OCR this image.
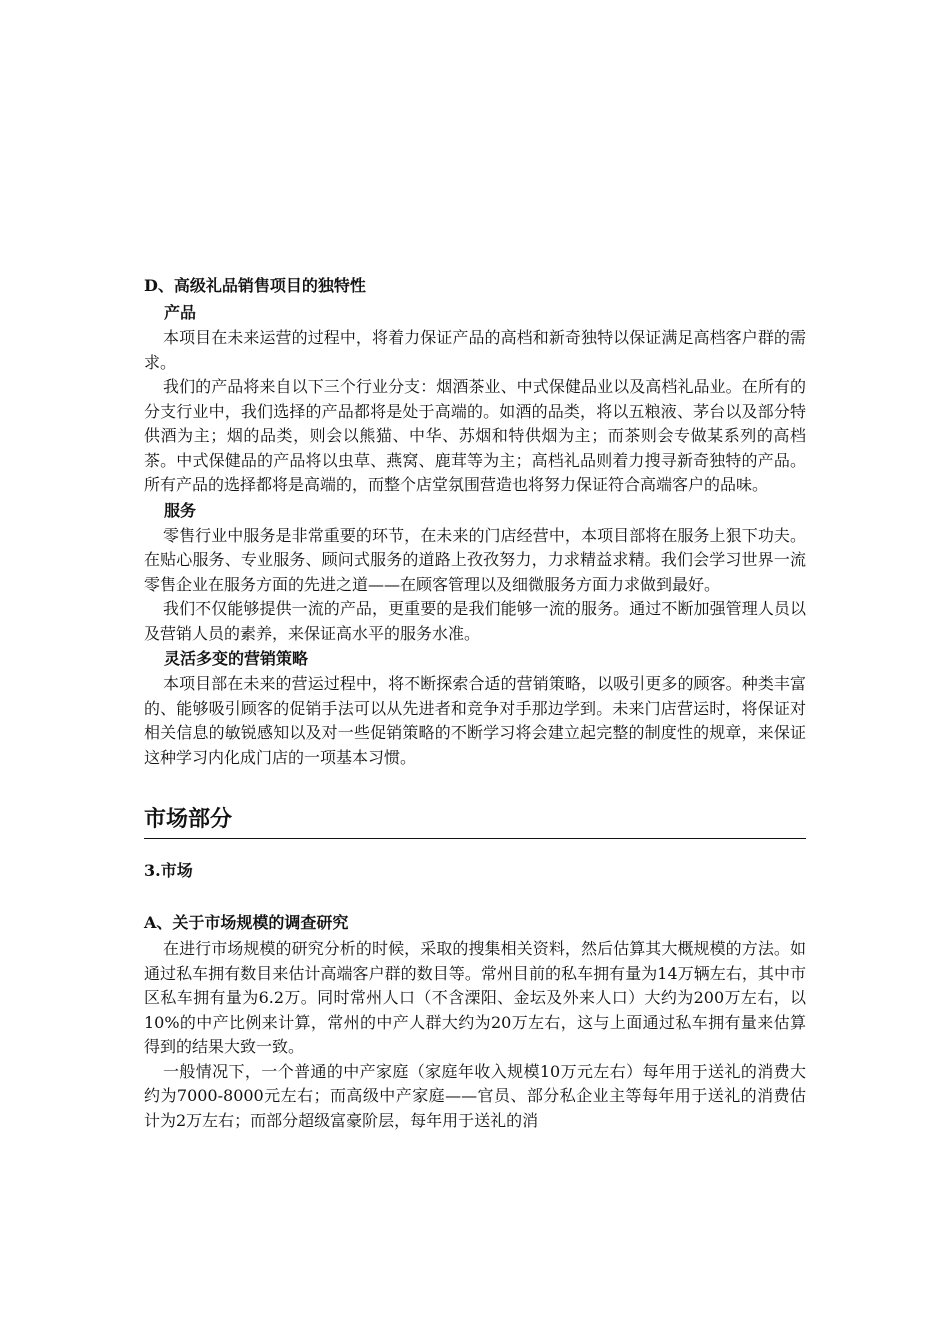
D、高级礼品销售项目的独特性

产品

本项目在未来运营的过程中，将着力保证产品的高档和新奇独特以保证满足高档客户群的需求。

我们的产品将来自以下三个行业分支：烟酒茶业、中式保健品业以及高档礼品业。在所有的分支行业中，我们选择的产品都将是处于高端的。如酒的品类，将以五粮液、茅台以及部分特供酒为主；烟的品类，则会以熊猫、中华、苏烟和特供烟为主；而茶则会专做某系列的高档茶。中式保健品的产品将以虫草、燕窝、鹿茸等为主；高档礼品则着力搜寻新奇独特的产品。所有产品的选择都将是高端的，而整个店堂氛围营造也将努力保证符合高端客户的品味。

服务

零售行业中服务是非常重要的环节，在未来的门店经营中，本项目部将在服务上狠下功夫。在贴心服务、专业服务、顾问式服务的道路上孜孜努力，力求精益求精。我们会学习世界一流零售企业在服务方面的先进之道——在顾客管理以及细微服务方面力求做到最好。

我们不仅能够提供一流的产品，更重要的是我们能够一流的服务。通过不断加强管理人员以及营销人员的素养，来保证高水平的服务水准。

灵活多变的营销策略

本项目部在未来的营运过程中，将不断探索合适的营销策略，以吸引更多的顾客。种类丰富的、能够吸引顾客的促销手法可以从先进者和竞争对手那边学到。未来门店营运时，将保证对相关信息的敏锐感知以及对一些促销策略的不断学习将会建立起完整的制度性的规章，来保证这种学习内化成门店的一项基本习惯。

市场部分

3.市场

A、关于市场规模的调查研究

在进行市场规模的研究分析的时候，采取的搜集相关资料，然后估算其大概规模的方法。如通过私车拥有数目来估计高端客户群的数目等。常州目前的私车拥有量为14万辆左右，其中市区私车拥有量为6.2万。同时常州人口（不含溧阳、金坛及外来人口）大约为200万左右，以10%的中产比例来计算，常州的中产人群大约为20万左右，这与上面通过私车拥有量来估算得到的结果大致一致。

一般情况下，一个普通的中产家庭（家庭年收入规模10万元左右）每年用于送礼的消费大约为7000-8000元左右；而高级中产家庭——官员、部分私企业主等每年用于送礼的消费估计为2万左右；而部分超级富豪阶层，每年用于送礼的消
